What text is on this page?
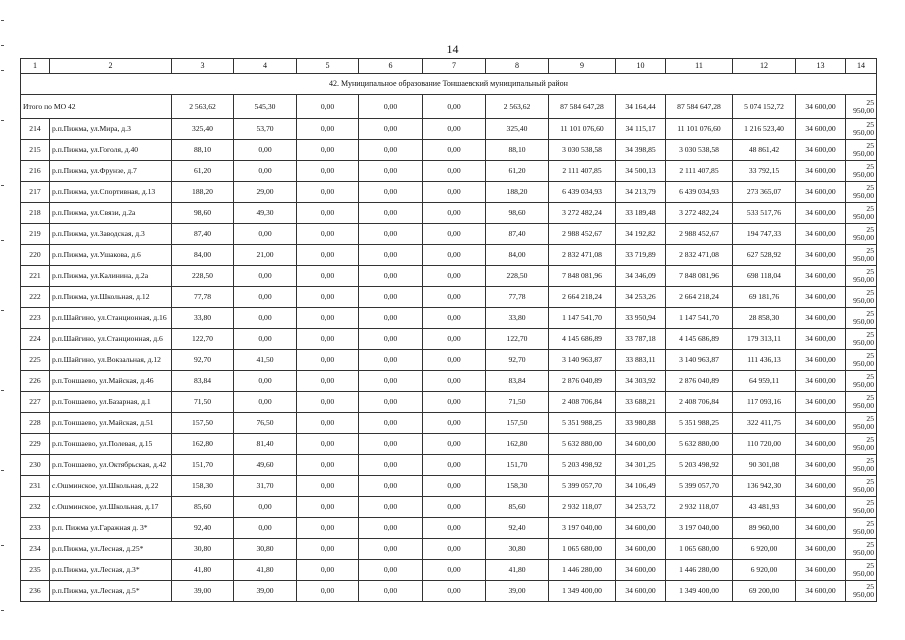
14
1	2	3	4	5	6	7	8	9	10	11	12	13	14
42. Муниципальное образование Тоншаевский муниципальный район													
Итого по МО 42		2 563,62	545,30	0,00	0,00	0,00	2 563,62	87 584 647,28	34 164,44	87 584 647,28	5 074 152,72	34 600,00	25
950,00
214	р.п.Пижма, ул.Мира, д.3	325,40	53,70	0,00	0,00	0,00	325,40	11 101 076,60	34 115,17	11 101 076,60	1 216 523,40	34 600,00	25
950,00
215	р.п.Пижма, ул.Гоголя, д.40	88,10	0,00	0,00	0,00	0,00	88,10	3 030 538,58	34 398,85	3 030 538,58	48 861,42	34 600,00	25
950,00
216	р.п.Пижма, ул.Фрунзе, д.7	61,20	0,00	0,00	0,00	0,00	61,20	2 111 407,85	34 500,13	2 111 407,85	33 792,15	34 600,00	25
950,00
217	р.п.Пижма, ул.Спортивная, д.13	188,20	29,00	0,00	0,00	0,00	188,20	6 439 034,93	34 213,79	6 439 034,93	273 365,07	34 600,00	25
950,00
218	р.п.Пижма, ул.Связи, д.2а	98,60	49,30	0,00	0,00	0,00	98,60	3 272 482,24	33 189,48	3 272 482,24	533 517,76	34 600,00	25
950,00
219	р.п.Пижма, ул.Заводская, д.3	87,40	0,00	0,00	0,00	0,00	87,40	2 988 452,67	34 192,82	2 988 452,67	194 747,33	34 600,00	25
950,00
220	р.п.Пижма, ул.Ушакова, д.6	84,00	21,00	0,00	0,00	0,00	84,00	2 832 471,08	33 719,89	2 832 471,08	627 528,92	34 600,00	25
950,00
221	р.п.Пижма, ул.Калинина, д.2а	228,50	0,00	0,00	0,00	0,00	228,50	7 848 081,96	34 346,09	7 848 081,96	698 118,04	34 600,00	25
950,00
222	р.п.Пижма, ул.Школьная, д.12	77,78	0,00	0,00	0,00	0,00	77,78	2 664 218,24	34 253,26	2 664 218,24	69 181,76	34 600,00	25
950,00
223	р.п.Шайгино, ул.Станционная, д.16	33,80	0,00	0,00	0,00	0,00	33,80	1 147 541,70	33 950,94	1 147 541,70	28 858,30	34 600,00	25
950,00
224	р.п.Шайгино, ул.Станционная, д.6	122,70	0,00	0,00	0,00	0,00	122,70	4 145 686,89	33 787,18	4 145 686,89	179 313,11	34 600,00	25
950,00
225	р.п.Шайгино, ул.Вокзальная, д.12	92,70	41,50	0,00	0,00	0,00	92,70	3 140 963,87	33 883,11	3 140 963,87	111 436,13	34 600,00	25
950,00
226	р.п.Тоншаево, ул.Майская, д.46	83,84	0,00	0,00	0,00	0,00	83,84	2 876 040,89	34 303,92	2 876 040,89	64 959,11	34 600,00	25
950,00
227	р.п.Тоншаево, ул.Базарная, д.1	71,50	0,00	0,00	0,00	0,00	71,50	2 408 706,84	33 688,21	2 408 706,84	117 093,16	34 600,00	25
950,00
228	р.п.Тоншаево, ул.Майская, д.51	157,50	76,50	0,00	0,00	0,00	157,50	5 351 988,25	33 980,88	5 351 988,25	322 411,75	34 600,00	25
950,00
229	р.п.Тоншаево, ул.Полевая, д.15	162,80	81,40	0,00	0,00	0,00	162,80	5 632 880,00	34 600,00	5 632 880,00	110 720,00	34 600,00	25
950,00
230	р.п.Тоншаево, ул.Октябрьская, д.42	151,70	49,60	0,00	0,00	0,00	151,70	5 203 498,92	34 301,25	5 203 498,92	90 301,08	34 600,00	25
950,00
231	с.Ошминское, ул.Школьная, д.22	158,30	31,70	0,00	0,00	0,00	158,30	5 399 057,70	34 106,49	5 399 057,70	136 942,30	34 600,00	25
950,00
232	с.Ошминское, ул.Школьная, д.17	85,60	0,00	0,00	0,00	0,00	85,60	2 932 118,07	34 253,72	2 932 118,07	43 481,93	34 600,00	25
950,00
233	р.п. Пижма ул.Гаражная д. 3*	92,40	0,00	0,00	0,00	0,00	92,40	3 197 040,00	34 600,00	3 197 040,00	89 960,00	34 600,00	25
950,00
234	р.п.Пижма, ул.Лесная, д.25*	30,80	30,80	0,00	0,00	0,00	30,80	1 065 680,00	34 600,00	1 065 680,00	6 920,00	34 600,00	25
950,00
235	р.п.Пижма, ул.Лесная, д.3*	41,80	41,80	0,00	0,00	0,00	41,80	1 446 280,00	34 600,00	1 446 280,00	6 920,00	34 600,00	25
950,00
236	р.п.Пижма, ул.Лесная, д.5*	39,00	39,00	0,00	0,00	0,00	39,00	1 349 400,00	34 600,00	1 349 400,00	69 200,00	34 600,00	25
950,00
